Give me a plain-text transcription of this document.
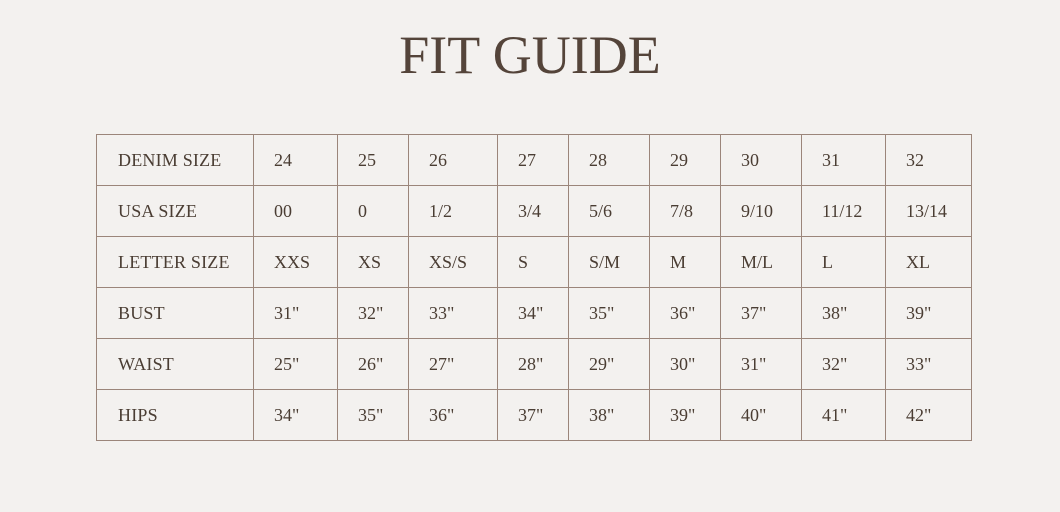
FIT GUIDE
DENIM SIZE	24	25	26	27	28	29	30	31	32
USA SIZE	00	0	1/2	3/4	5/6	7/8	9/10	11/12	13/14
LETTER SIZE	XXS	XS	XS/S	S	S/M	M	M/L	L	XL
BUST	31"	32"	33"	34"	35"	36"	37"	38"	39"
WAIST	25"	26"	27"	28"	29"	30"	31"	32"	33"
HIPS	34"	35"	36"	37"	38"	39"	40"	41"	42"
